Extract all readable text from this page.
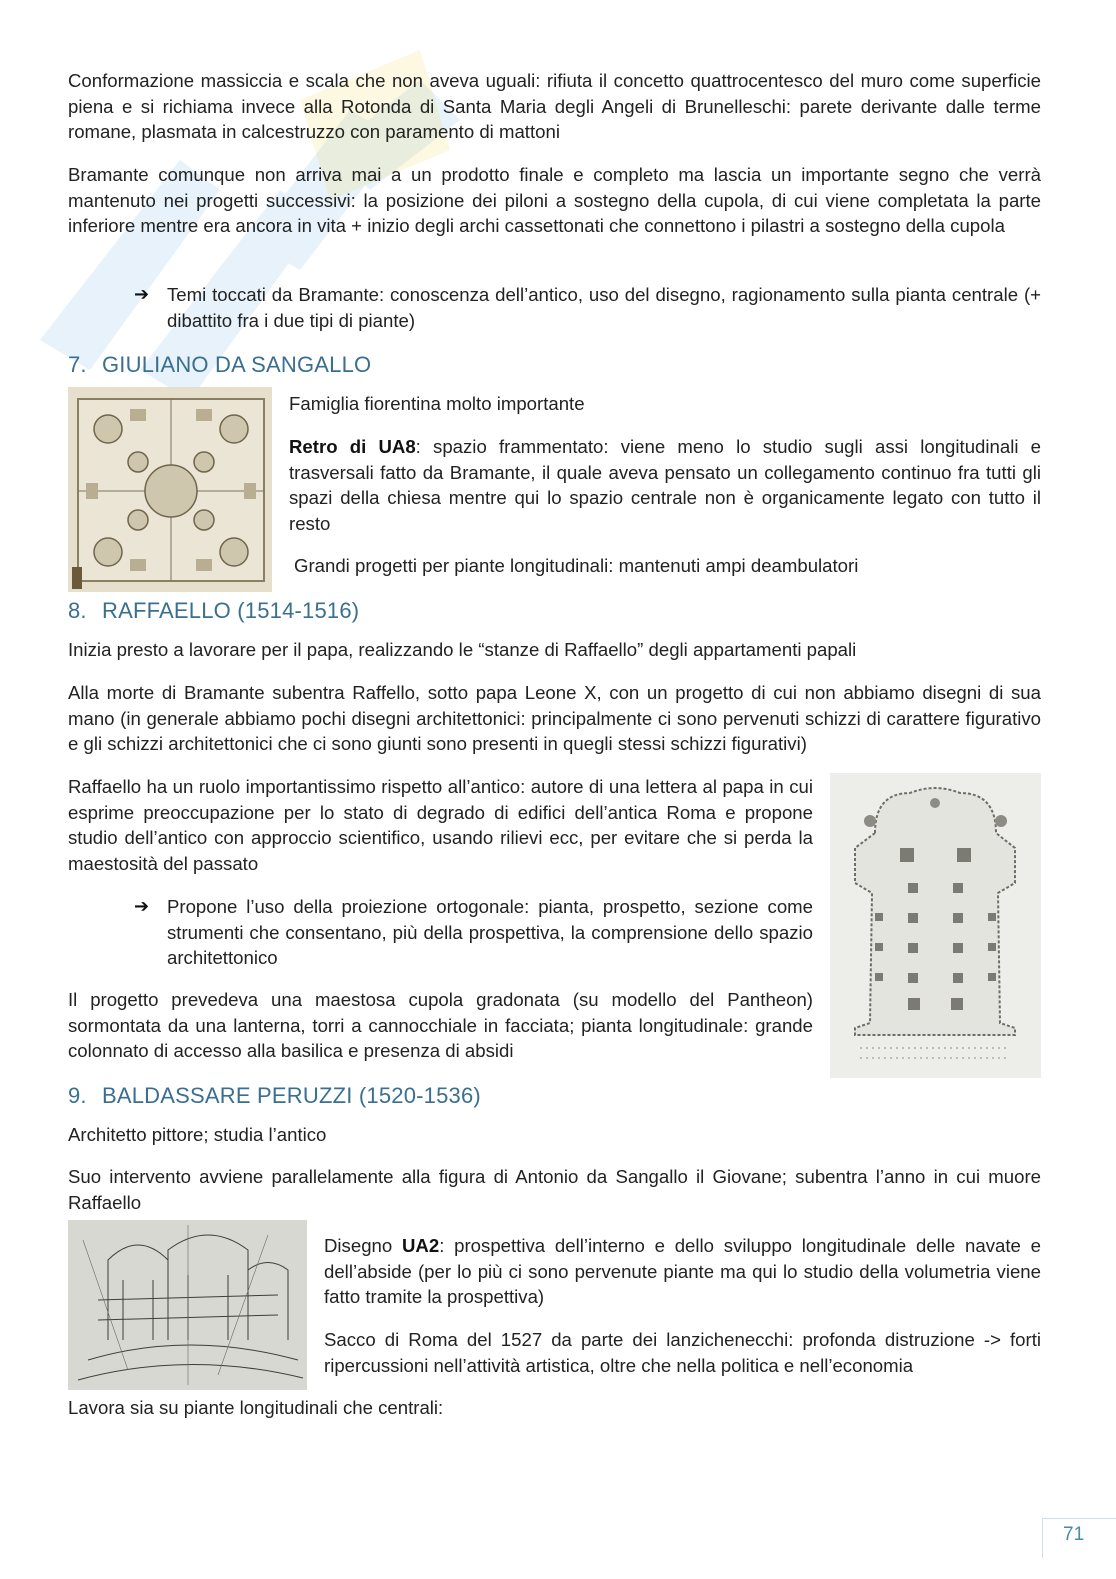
Conformazione massiccia e scala che non aveva uguali: rifiuta il concetto quattrocentesco del muro come superficie piena e si richiama invece alla Rotonda di Santa Maria degli Angeli di Brunelleschi: parete derivante dalle terme romane, plasmata in calcestruzzo con paramento di mattoni

Bramante comunque non arriva mai a un prodotto finale e completo ma lascia un importante segno che verrà mantenuto nei progetti successivi: la posizione dei piloni a sostegno della cupola, di cui viene completata la parte inferiore mentre era ancora in vita + inizio degli archi cassettonati che connettono i pilastri a sostegno della cupola

➔ Temi toccati da Bramante: conoscenza dell’antico, uso del disegno, ragionamento sulla pianta centrale (+ dibattito fra i due tipi di piante)
7. GIULIANO DA SANGALLO

Famiglia fiorentina molto importante

Retro di UA8: spazio frammentato: viene meno lo studio sugli assi longitudinali e trasversali fatto da Bramante, il quale aveva pensato un collegamento continuo fra tutti gli spazi della chiesa mentre qui lo spazio centrale non è organicamente legato con tutto il resto

Grandi progetti per piante longitudinali: mantenuti ampi deambulatori

8. RAFFAELLO (1514-1516)

Inizia presto a lavorare per il papa, realizzando le “stanze di Raffaello” degli appartamenti papali

Alla morte di Bramante subentra Raffello, sotto papa Leone X, con un progetto di cui non abbiamo disegni di sua mano (in generale abbiamo pochi disegni architettonici: principalmente ci sono pervenuti schizzi di carattere figurativo e gli schizzi architettonici che ci sono giunti sono presenti in quegli stessi schizzi figurativi)

Raffaello ha un ruolo importantissimo rispetto all’antico: autore di una lettera al papa in cui esprime preoccupazione per lo stato di degrado di edifici dell’antica Roma e propone studio dell’antico con approccio scientifico, usando rilievi ecc, per evitare che si perda la maestosità del passato

➔ Propone l’uso della proiezione ortogonale: pianta, prospetto, sezione come strumenti che consentano, più della prospettiva, la comprensione dello spazio architettonico

Il progetto prevedeva una maestosa cupola gradonata (su modello del Pantheon) sormontata da una lanterna, torri a cannocchiale in facciata; pianta longitudinale: grande colonnato di accesso alla basilica e presenza di absidi

9. BALDASSARE PERUZZI (1520-1536)

Architetto pittore; studia l’antico

Suo intervento avviene parallelamente alla figura di Antonio da Sangallo il Giovane; subentra l’anno in cui muore Raffaello

Disegno UA2: prospettiva dell’interno e dello sviluppo longitudinale delle navate e dell’abside (per lo più ci sono pervenute piante ma qui lo studio della volumetria viene fatto tramite la prospettiva)

Sacco di Roma del 1527 da parte dei lanzichenecchi: profonda distruzione -> forti ripercussioni nell’attività artistica, oltre che nella politica e nell’economia

Lavora sia su piante longitudinali che centrali:

71
